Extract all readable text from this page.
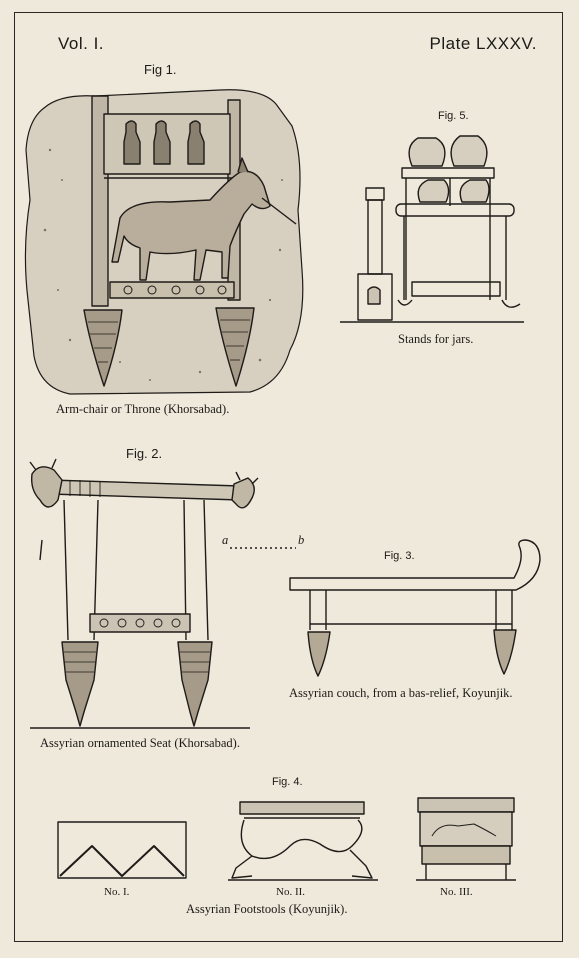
Vol. I.	Plate LXXXV.
Fig 1.
Arm-chair or Throne (Khorsabad).
Fig. 5.
Stands for jars.
Fig. 2.
a	b
Assyrian ornamented Seat (Khorsabad).
Fig. 3.
Assyrian couch, from a bas-relief, Koyunjik.
Fig. 4.
No. I.	No. II.	No. III.
Assyrian Footstools (Koyunjik).
